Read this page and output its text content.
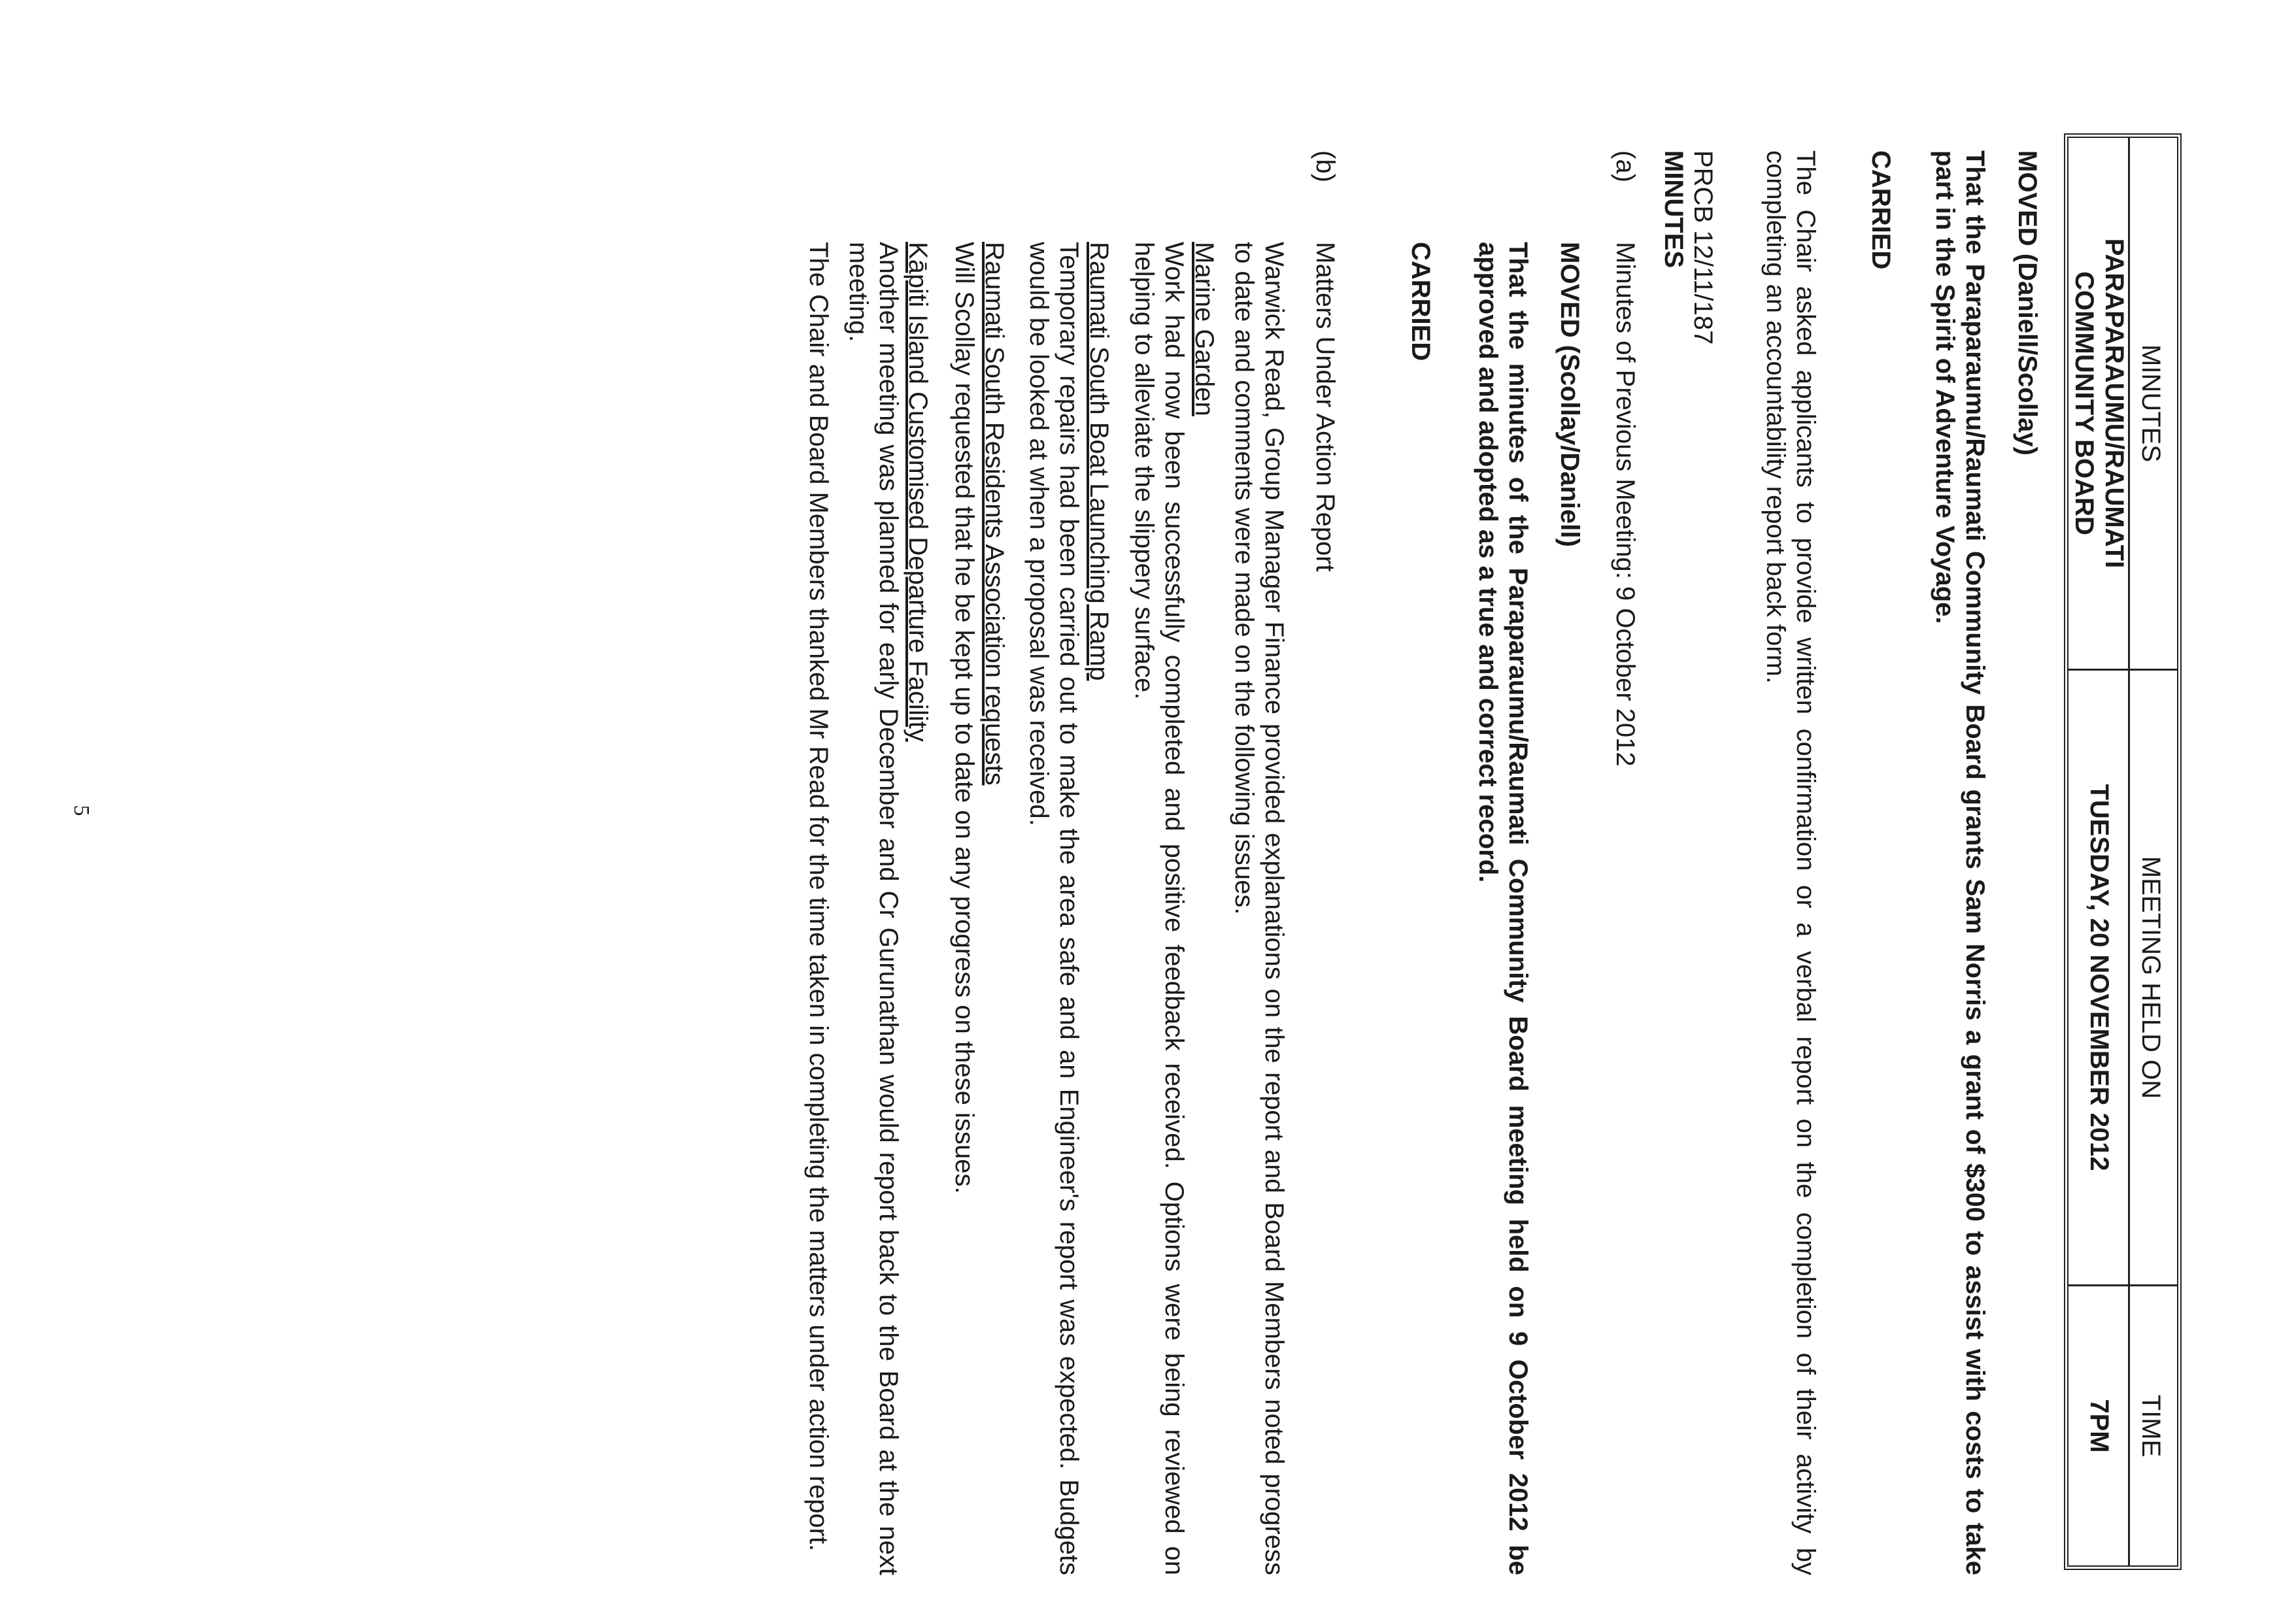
MINUTES
PARAPARAUMU/RAUMATI
COMMUNITY BOARD
MEETING HELD ON
TUESDAY, 20 NOVEMBER 2012
TIME
7PM

MOVED (Daniell/Scollay)

That the Paraparaumu/Raumati Community Board grants Sam Norris a grant of $300 to assist with costs to take part in the Spirit of Adventure Voyage.

CARRIED

The Chair asked applicants to provide written confirmation or a verbal report on the completion of their activity by completing an accountability report back form.

PRCB 12/11/187

MINUTES

(a)

Minutes of Previous Meeting: 9 October 2012

MOVED (Scollay/Daniell)

That the minutes of the Paraparaumu/Raumati Community Board meeting held on 9 October 2012 be approved and adopted as a true and correct record.

CARRIED

(b)

Matters Under Action Report

Warwick Read, Group Manager Finance provided explanations on the report and Board Members noted progress to date and comments were made on the following issues.

Marine Garden

Work had now been successfully completed and positive feedback received. Options were being reviewed on helping to alleviate the slippery surface.

Raumati South Boat Launching Ramp

Temporary repairs had been carried out to make the area safe and an Engineer's report was expected. Budgets would be looked at when a proposal was received.

Raumati South Residents Association requests

Will Scollay requested that he be kept up to date on any progress on these issues.

Kāpiti Island Customised Departure Facility

Another meeting was planned for early December and Cr Gurunathan would report back to the Board at the next meeting.

The Chair and Board Members thanked Mr Read for the time taken in completing the matters under action report.

5
